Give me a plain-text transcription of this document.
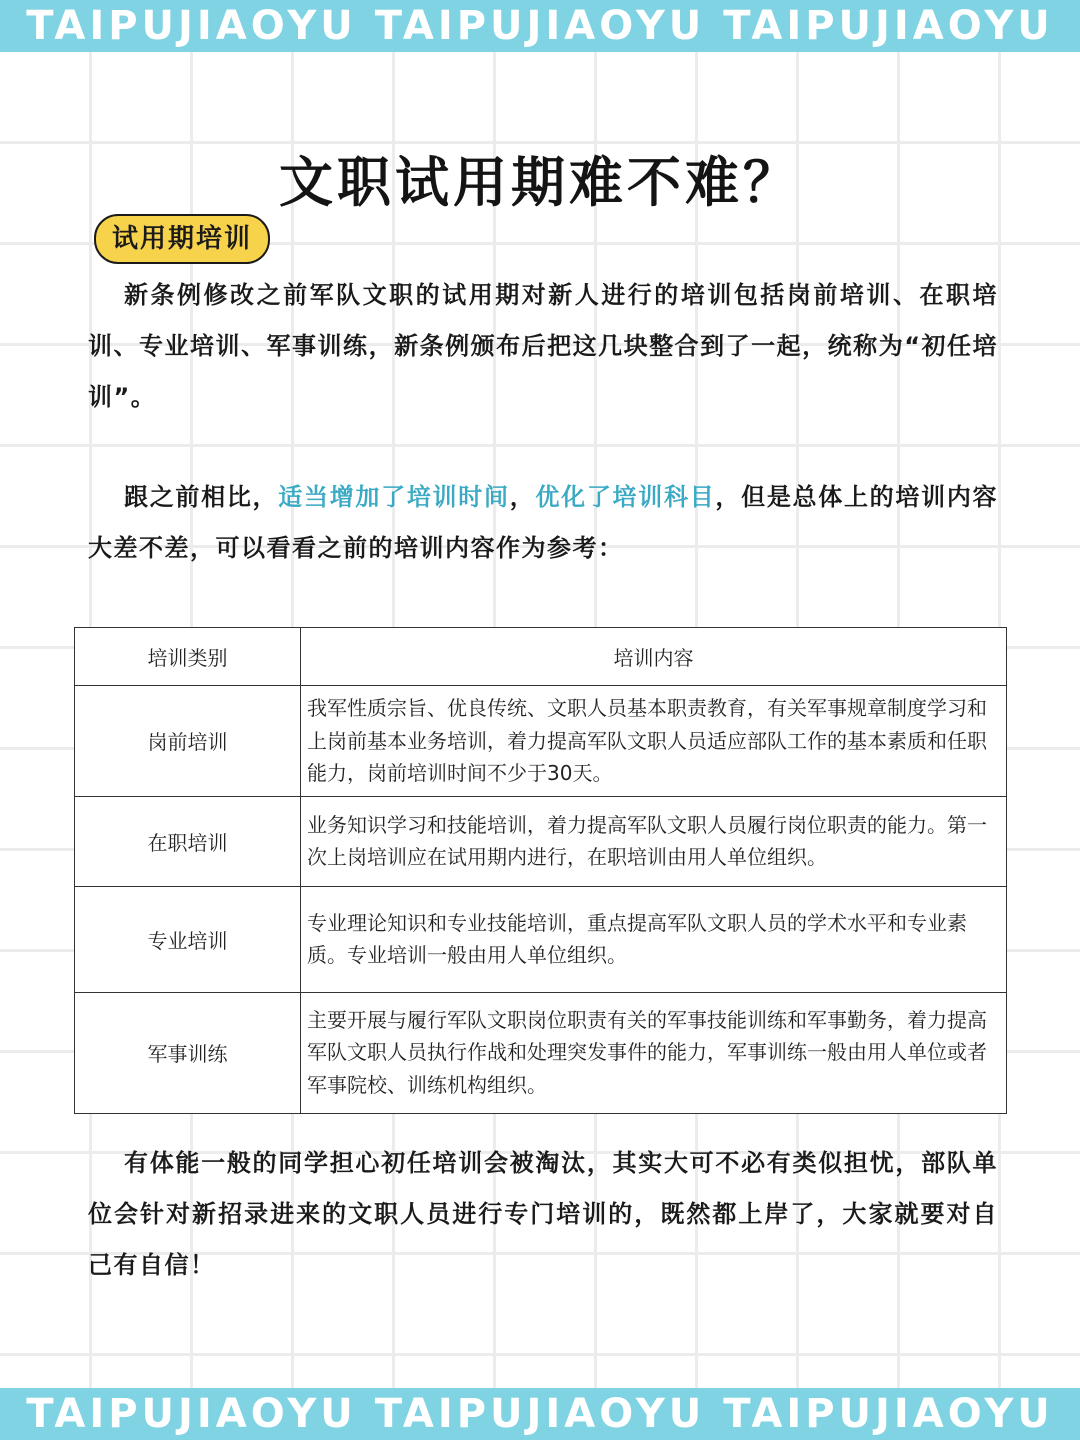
TAIPUJIAOYU TAIPUJIAOYU TAIPUJIAOYU
文职试用期难不难？
试用期培训
新条例修改之前军队文职的试用期对新人进行的培训包括岗前培训、在职培训、专业培训、军事训练，新条例颁布后把这几块整合到了一起，统称为“初任培训”。
跟之前相比，适当增加了培训时间，优化了培训科目，但是总体上的培训内容大差不差，可以看看之前的培训内容作为参考：
培训类别	培训内容
岗前培训	我军性质宗旨、优良传统、文职人员基本职责教育，有关军事规章制度学习和上岗前基本业务培训，着力提高军队文职人员适应部队工作的基本素质和任职能力，岗前培训时间不少于30天。
在职培训	业务知识学习和技能培训，着力提高军队文职人员履行岗位职责的能力。第一次上岗培训应在试用期内进行，在职培训由用人单位组织。
专业培训	专业理论知识和专业技能培训，重点提高军队文职人员的学术水平和专业素质。专业培训一般由用人单位组织。
军事训练	主要开展与履行军队文职岗位职责有关的军事技能训练和军事勤务，着力提高军队文职人员执行作战和处理突发事件的能力，军事训练一般由用人单位或者军事院校、训练机构组织。
有体能一般的同学担心初任培训会被淘汰，其实大可不必有类似担忧，部队单位会针对新招录进来的文职人员进行专门培训的，既然都上岸了，大家就要对自己有自信！
TAIPUJIAOYU TAIPUJIAOYU TAIPUJIAOYU
